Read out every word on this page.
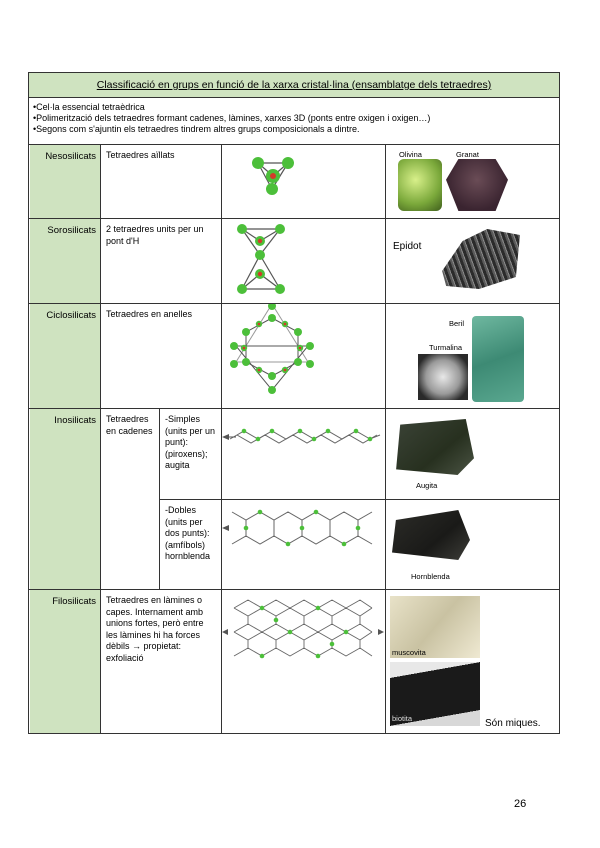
Classificació en grups en funció de la xarxa cristal·lina (ensamblatge dels tetraedres)
•Cel·la essencial tetraèdrica
•Polimerització dels tetraedres formant cadenes, làmines, xarxes 3D (ponts entre oxigen i oxigen…)
•Segons com s'ajuntin els tetraedres tindrem altres grups composicionals a dintre.
Nesosilicats
Sorosilicats
Ciclosilicats
Inosilicats
Filosilicats
Tetraedres aïllats
2 tetraedres units per un pont d'H
Tetraedres en anelles
Tetraedres en cadenes
-Simples (units per un punt): (piroxens); augita
-Dobles (units per dos punts): (amfíbols) hornblenda
Tetraedres en làmines o capes. Internament amb unions fortes, però entre les làmines hi ha forces dèbils → propietat: exfoliació
Olivina	Granat
Epidot
Beril
Turmalina
Augita
Hornblenda
muscovita
biotita	Són miques.
26
